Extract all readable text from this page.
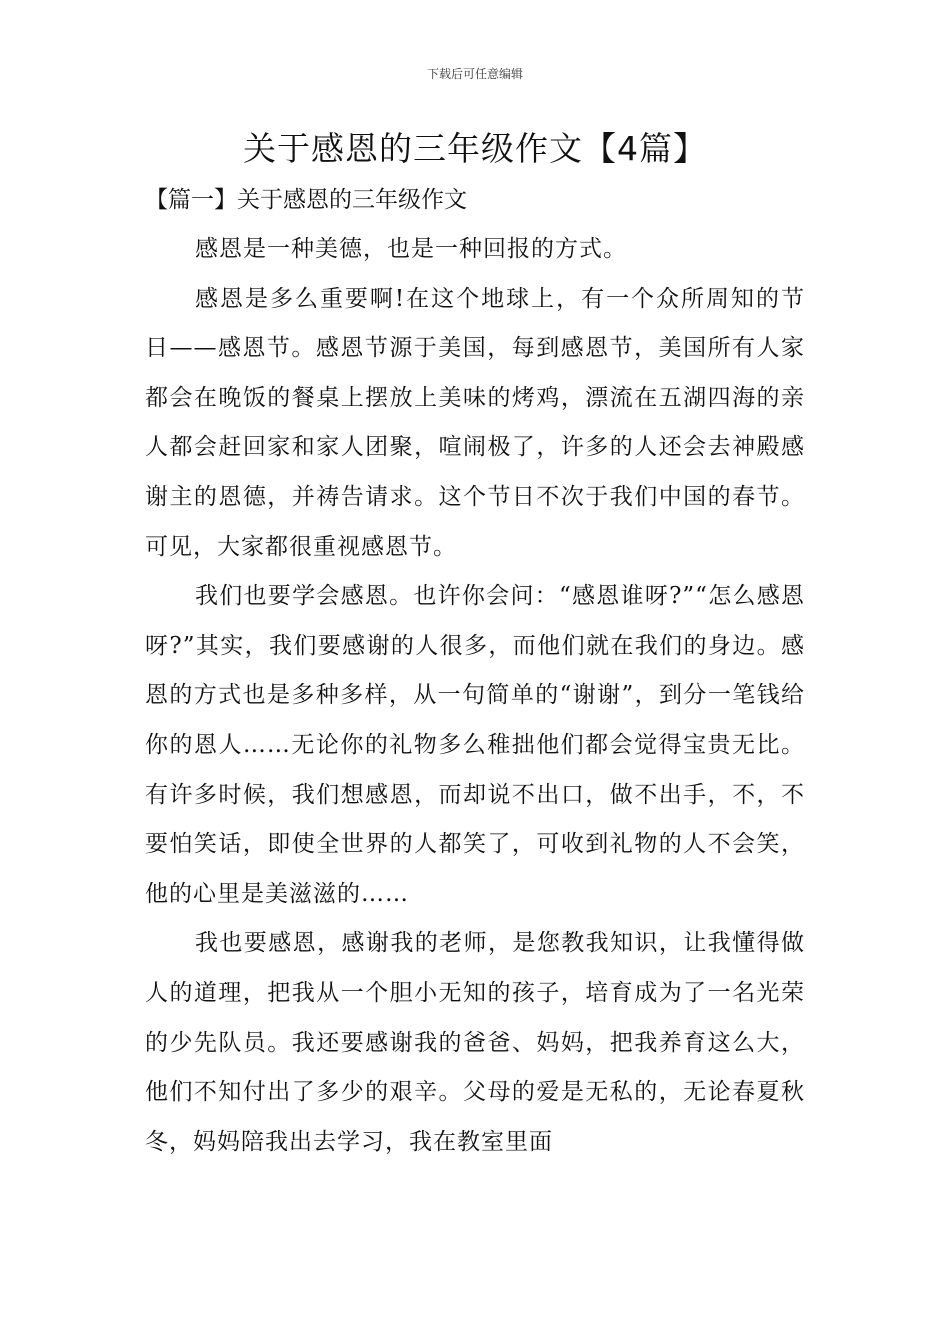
下载后可任意编辑
关于感恩的三年级作文【4篇】

【篇一】关于感恩的三年级作文

感恩是一种美德，也是一种回报的方式。

感恩是多么重要啊!在这个地球上，有一个众所周知的节日——感恩节。感恩节源于美国，每到感恩节，美国所有人家都会在晚饭的餐桌上摆放上美味的烤鸡，漂流在五湖四海的亲人都会赶回家和家人团聚，喧闹极了，许多的人还会去神殿感谢主的恩德，并祷告请求。这个节日不次于我们中国的春节。可见，大家都很重视感恩节。

我们也要学会感恩。也许你会问：“感恩谁呀?”“怎么感恩呀?”其实，我们要感谢的人很多，而他们就在我们的身边。感恩的方式也是多种多样，从一句简单的“谢谢”，到分一笔钱给你的恩人……无论你的礼物多么稚拙他们都会觉得宝贵无比。有许多时候，我们想感恩，而却说不出口，做不出手，不，不要怕笑话，即使全世界的人都笑了，可收到礼物的人不会笑，他的心里是美滋滋的……

我也要感恩，感谢我的老师，是您教我知识，让我懂得做人的道理，把我从一个胆小无知的孩子，培育成为了一名光荣的少先队员。我还要感谢我的爸爸、妈妈，把我养育这么大，他们不知付出了多少的艰辛。父母的爱是无私的，无论春夏秋冬，妈妈陪我出去学习，我在教室里面
